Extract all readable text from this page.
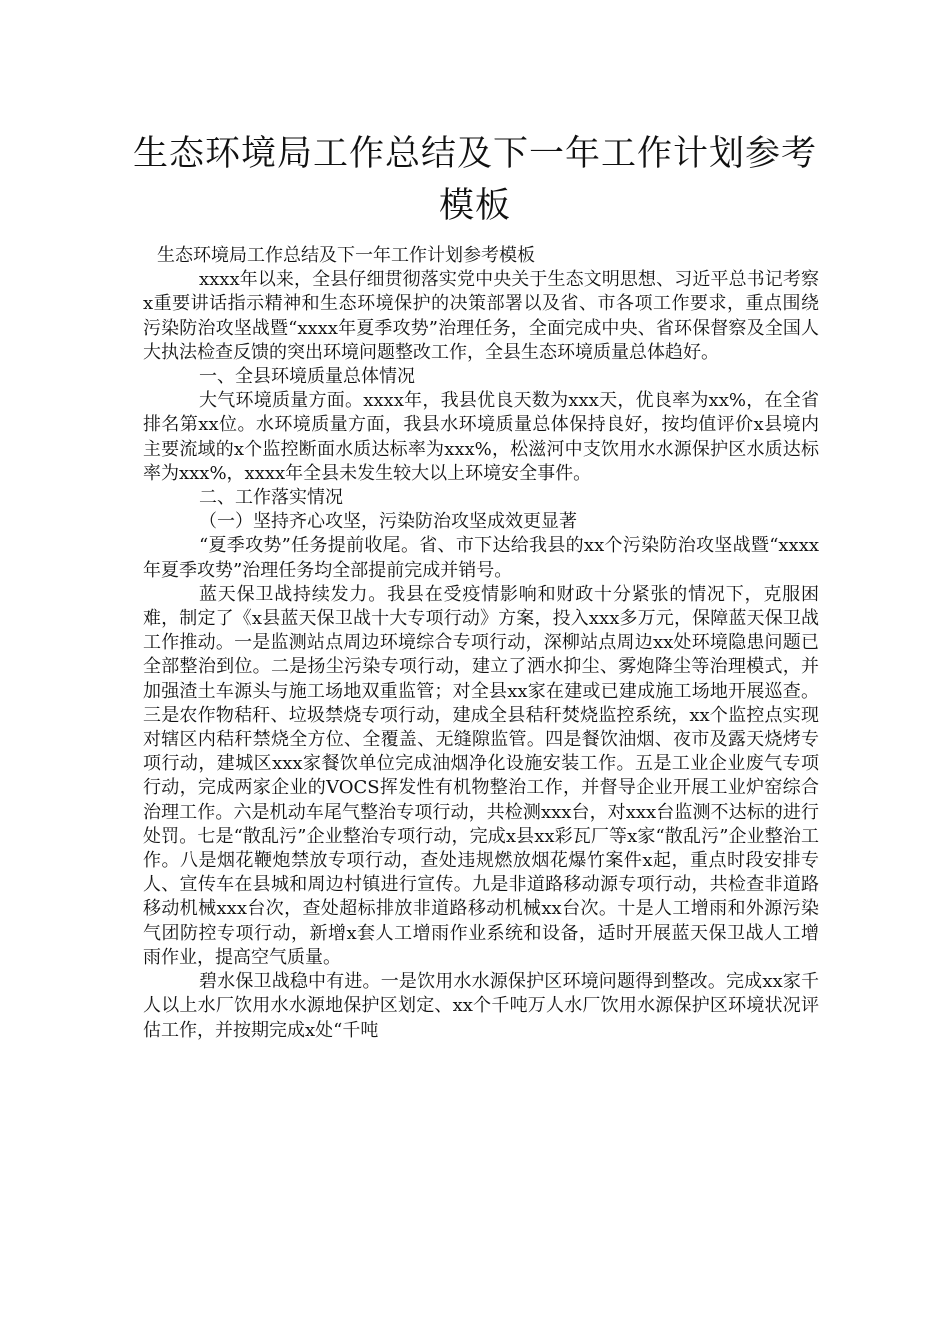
生态环境局工作总结及下一年工作计划参考模板

生态环境局工作总结及下一年工作计划参考模板

xxxx年以来，全县仔细贯彻落实党中央关于生态文明思想、习近平总书记考察x重要讲话指示精神和生态环境保护的决策部署以及省、市各项工作要求，重点围绕污染防治攻坚战暨“xxxx年夏季攻势”治理任务，全面完成中央、省环保督察及全国人大执法检查反馈的突出环境问题整改工作，全县生态环境质量总体趋好。

一、全县环境质量总体情况

大气环境质量方面。xxxx年，我县优良天数为xxx天，优良率为xx%，在全省排名第xx位。水环境质量方面，我县水环境质量总体保持良好，按均值评价x县境内主要流域的x个监控断面水质达标率为xxx%，松滋河中支饮用水水源保护区水质达标率为xxx%，xxxx年全县未发生较大以上环境安全事件。

二、工作落实情况

（一）坚持齐心攻坚，污染防治攻坚成效更显著

“夏季攻势”任务提前收尾。省、市下达给我县的xx个污染防治攻坚战暨“xxxx年夏季攻势”治理任务均全部提前完成并销号。

蓝天保卫战持续发力。我县在受疫情影响和财政十分紧张的情况下，克服困难，制定了《x县蓝天保卫战十大专项行动》方案，投入xxx多万元，保障蓝天保卫战工作推动。一是监测站点周边环境综合专项行动，深柳站点周边xx处环境隐患问题已全部整治到位。二是扬尘污染专项行动，建立了洒水抑尘、雾炮降尘等治理模式，并加强渣土车源头与施工场地双重监管；对全县xx家在建或已建成施工场地开展巡查。三是农作物秸秆、垃圾禁烧专项行动，建成全县秸秆焚烧监控系统，xx个监控点实现对辖区内秸秆禁烧全方位、全覆盖、无缝隙监管。四是餐饮油烟、夜市及露天烧烤专项行动，建城区xxx家餐饮单位完成油烟净化设施安装工作。五是工业企业废气专项行动，完成两家企业的VOCS挥发性有机物整治工作，并督导企业开展工业炉窑综合治理工作。六是机动车尾气整治专项行动，共检测xxx台，对xxx台监测不达标的进行处罚。七是“散乱污”企业整治专项行动，完成x县xx彩瓦厂等x家“散乱污”企业整治工作。八是烟花鞭炮禁放专项行动，查处违规燃放烟花爆竹案件x起，重点时段安排专人、宣传车在县城和周边村镇进行宣传。九是非道路移动源专项行动，共检查非道路移动机械xxx台次，查处超标排放非道路移动机械xx台次。十是人工增雨和外源污染气团防控专项行动，新增x套人工增雨作业系统和设备，适时开展蓝天保卫战人工增雨作业，提高空气质量。

碧水保卫战稳中有进。一是饮用水水源保护区环境问题得到整改。完成xx家千人以上水厂饮用水水源地保护区划定、xx个千吨万人水厂饮用水源保护区环境状况评估工作，并按期完成x处“千吨
